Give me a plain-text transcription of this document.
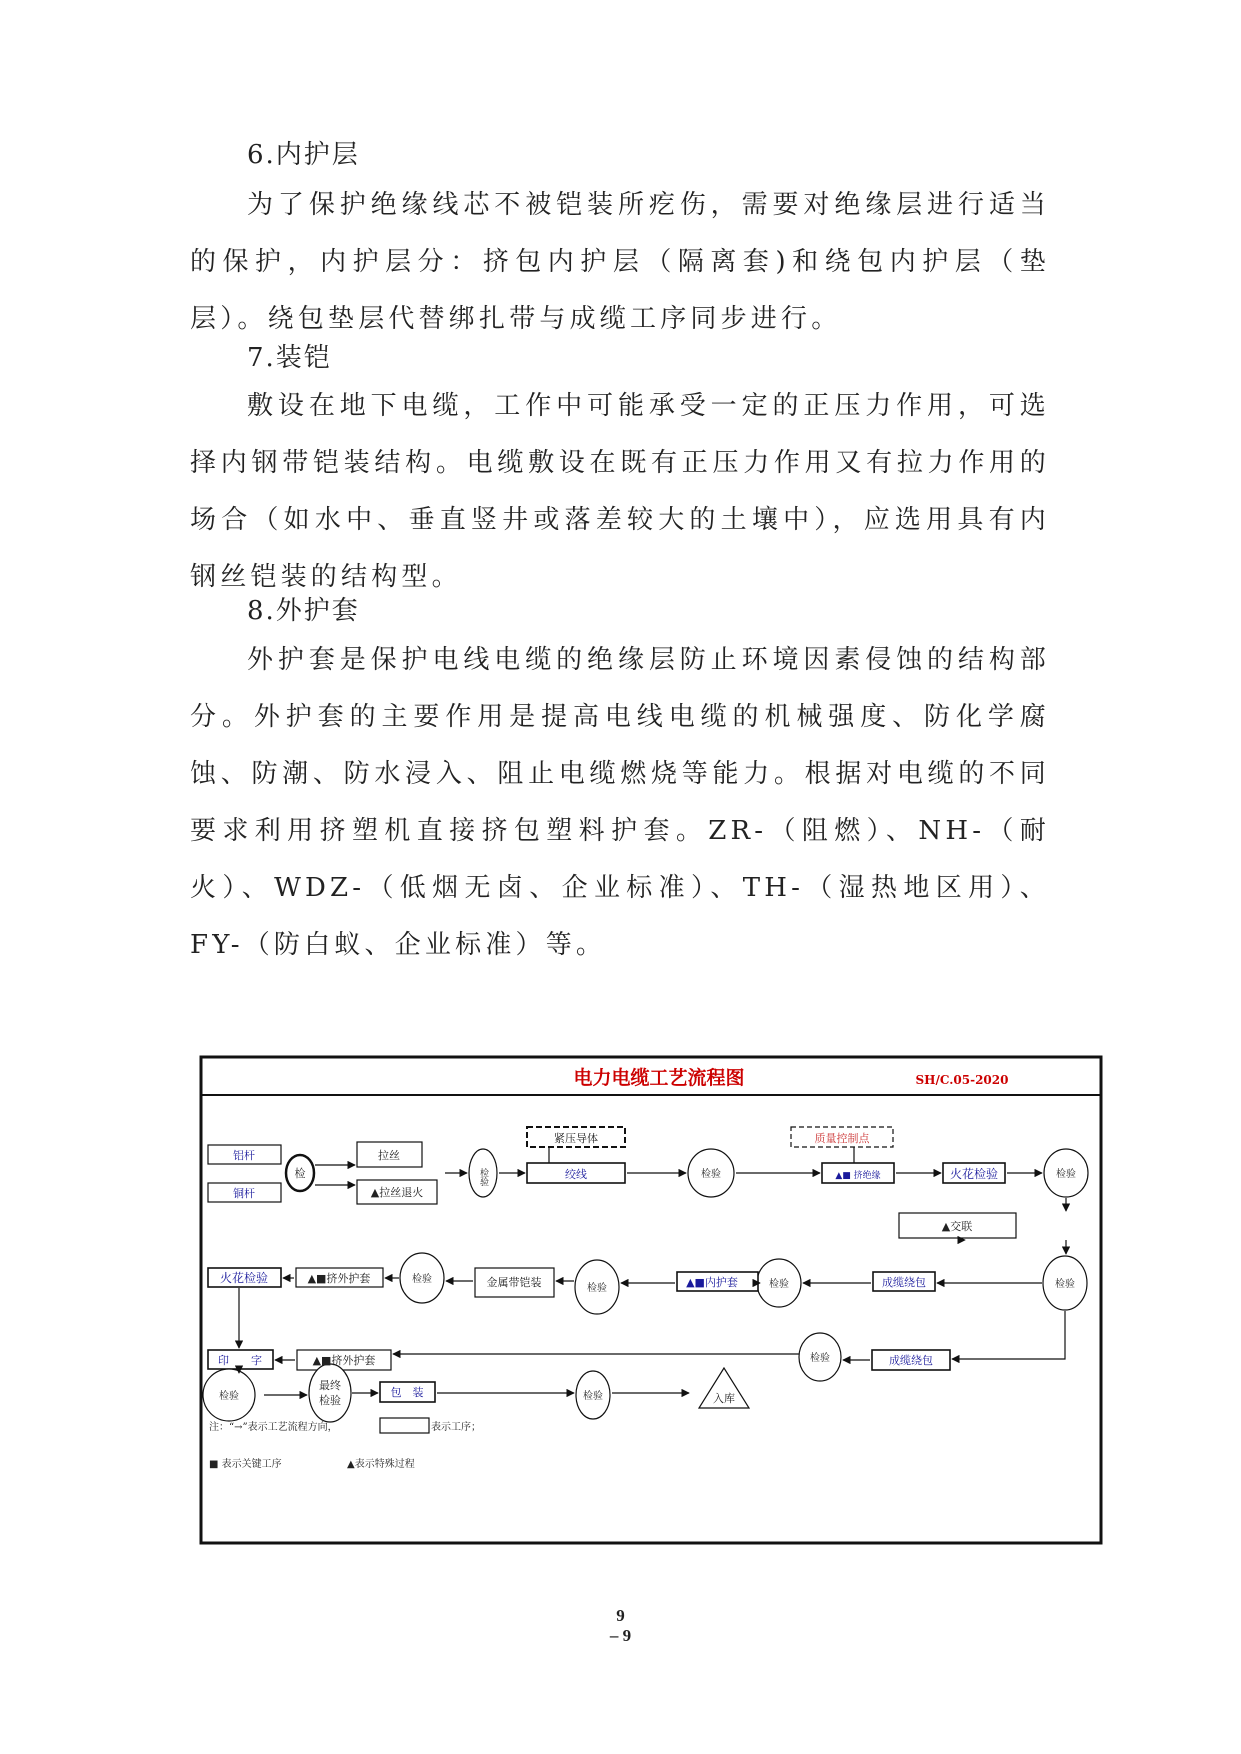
6.内护层
为了保护绝缘线芯不被铠装所疙伤，需要对绝缘层进行适当的保护，内护层分：挤包内护层（隔离套)和绕包内护层（垫层）。绕包垫层代替绑扎带与成缆工序同步进行。
7.装铠
敷设在地下电缆，工作中可能承受一定的正压力作用，可选择内钢带铠装结构。电缆敷设在既有正压力作用又有拉力作用的场合（如水中、垂直竖井或落差较大的土壤中），应选用具有内钢丝铠装的结构型。
8.外护套
外护套是保护电线电缆的绝缘层防止环境因素侵蚀的结构部分。外护套的主要作用是提高电线电缆的机械强度、防化学腐蚀、防潮、防水浸入、阻止电缆燃烧等能力。根据对电缆的不同要求利用挤塑机直接挤包塑料护套。ZR-（阻燃）、NH-（耐火）、WDZ-（低烟无卤、企业标准）、TH-（湿热地区用）、FY-（防白蚁、企业标准）等。
电力电缆工艺流程图	SH/C.05-2020
铝杆
铜杆
绞线	▲■ 挤绝缘	火花检验
成缆绕包
▲■内护套
火花检验
成缆绕包
印　　字
包　装
检
拉丝
▲拉丝退火
检验
紧压导体	质量控制点
检验	检验
▲交联
检验
检验
检验
金属带铠装
检验
▲■挤外护套
检验
▲■挤外护套
检验
最终
检验	检验	入库
注：“→”表示工艺流程方向，	表示工序；
■ 表示关键工序	▲表示特殊过程
9
– 9
